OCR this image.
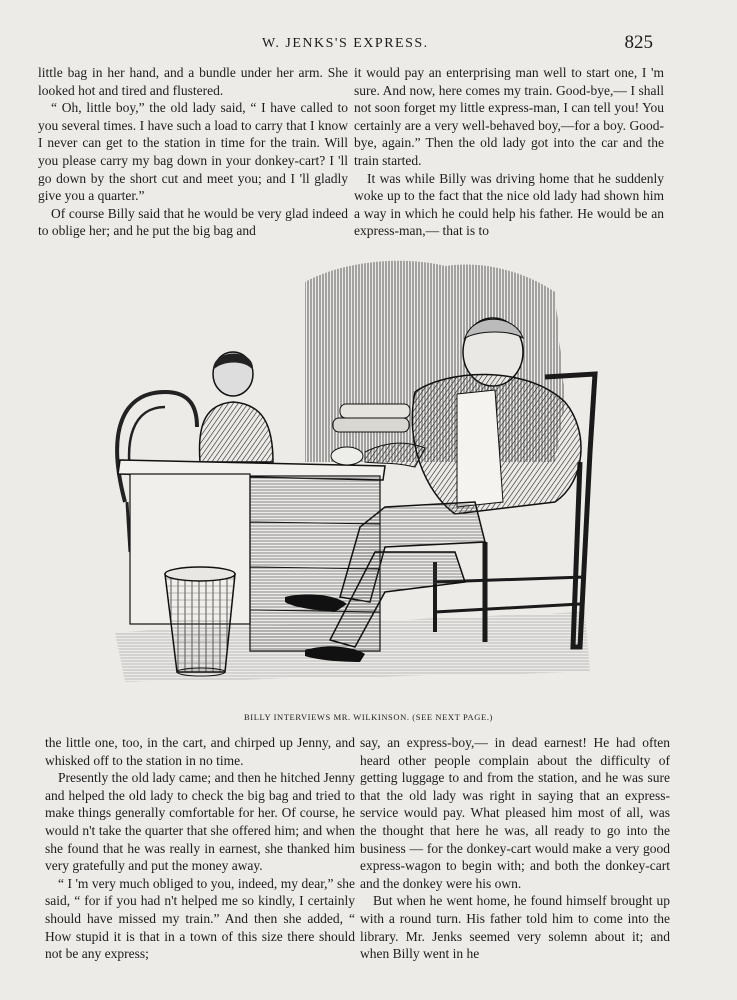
W. JENKS'S EXPRESS.	825

little bag in her hand, and a bundle under her arm. She looked hot and tired and flustered.

“ Oh, little boy,” the old lady said, “ I have called to you several times. I have such a load to carry that I know I never can get to the station in time for the train. Will you please carry my bag down in your donkey-cart? I 'll go down by the short cut and meet you; and I 'll gladly give you a quarter.”

Of course Billy said that he would be very glad indeed to oblige her; and he put the big bag and

it would pay an enterprising man well to start one, I 'm sure. And now, here comes my train. Good-bye,— I shall not soon forget my little express-man, I can tell you! You certainly are a very well-behaved boy,—for a boy. Good-bye, again.” Then the old lady got into the car and the train started.

It was while Billy was driving home that he suddenly woke up to the fact that the nice old lady had shown him a way in which he could help his father. He would be an express-man,— that is to

BILLY INTERVIEWS MR. WILKINSON. (SEE NEXT PAGE.)

the little one, too, in the cart, and chirped up Jenny, and whisked off to the station in no time.

Presently the old lady came; and then he hitched Jenny and helped the old lady to check the big bag and tried to make things generally comfortable for her. Of course, he would n't take the quarter that she offered him; and when she found that he was really in earnest, she thanked him very gratefully and put the money away.

“ I 'm very much obliged to you, indeed, my dear,” she said, “ for if you had n't helped me so kindly, I certainly should have missed my train.” And then she added, “ How stupid it is that in a town of this size there should not be any express;

say, an express-boy,— in dead earnest! He had often heard other people complain about the difficulty of getting luggage to and from the station, and he was sure that the old lady was right in saying that an express-service would pay. What pleased him most of all, was the thought that here he was, all ready to go into the business — for the donkey-cart would make a very good express-wagon to begin with; and both the donkey-cart and the donkey were his own.

But when he went home, he found himself brought up with a round turn. His father told him to come into the library. Mr. Jenks seemed very solemn about it; and when Billy went in he
